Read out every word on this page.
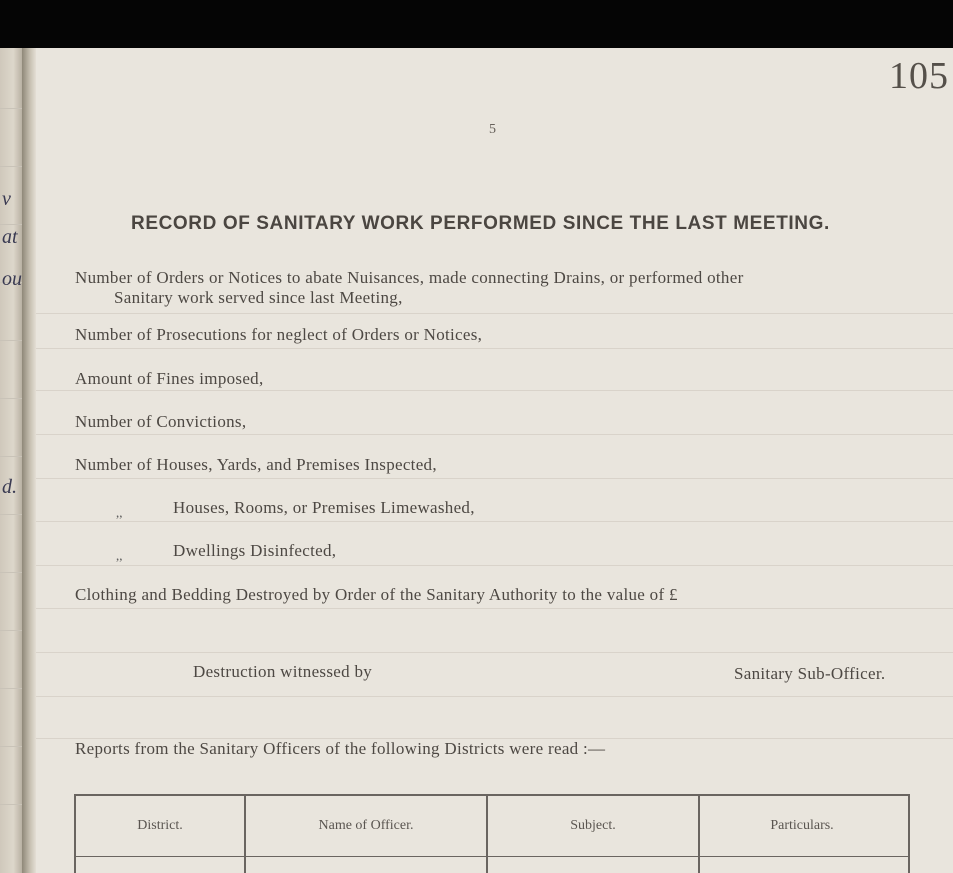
v
at
ou
d.
105
5
RECORD OF SANITARY WORK PERFORMED SINCE THE LAST MEETING.
Number of Orders or Notices to abate Nuisances, made connecting Drains, or performed other
Sanitary work served since last Meeting,
Number of Prosecutions for neglect of Orders or Notices,
Amount of Fines imposed,
Number of Convictions,
Number of Houses, Yards, and Premises Inspected,
,,	Houses, Rooms, or Premises Limewashed,
,,	Dwellings Disinfected,
Clothing and Bedding Destroyed by Order of the Sanitary Authority to the value of £
Destruction witnessed by	Sanitary Sub-Officer.
Reports from the Sanitary Officers of the following Districts were read :—
District.	Name of Officer.	Subject.	Particulars.
